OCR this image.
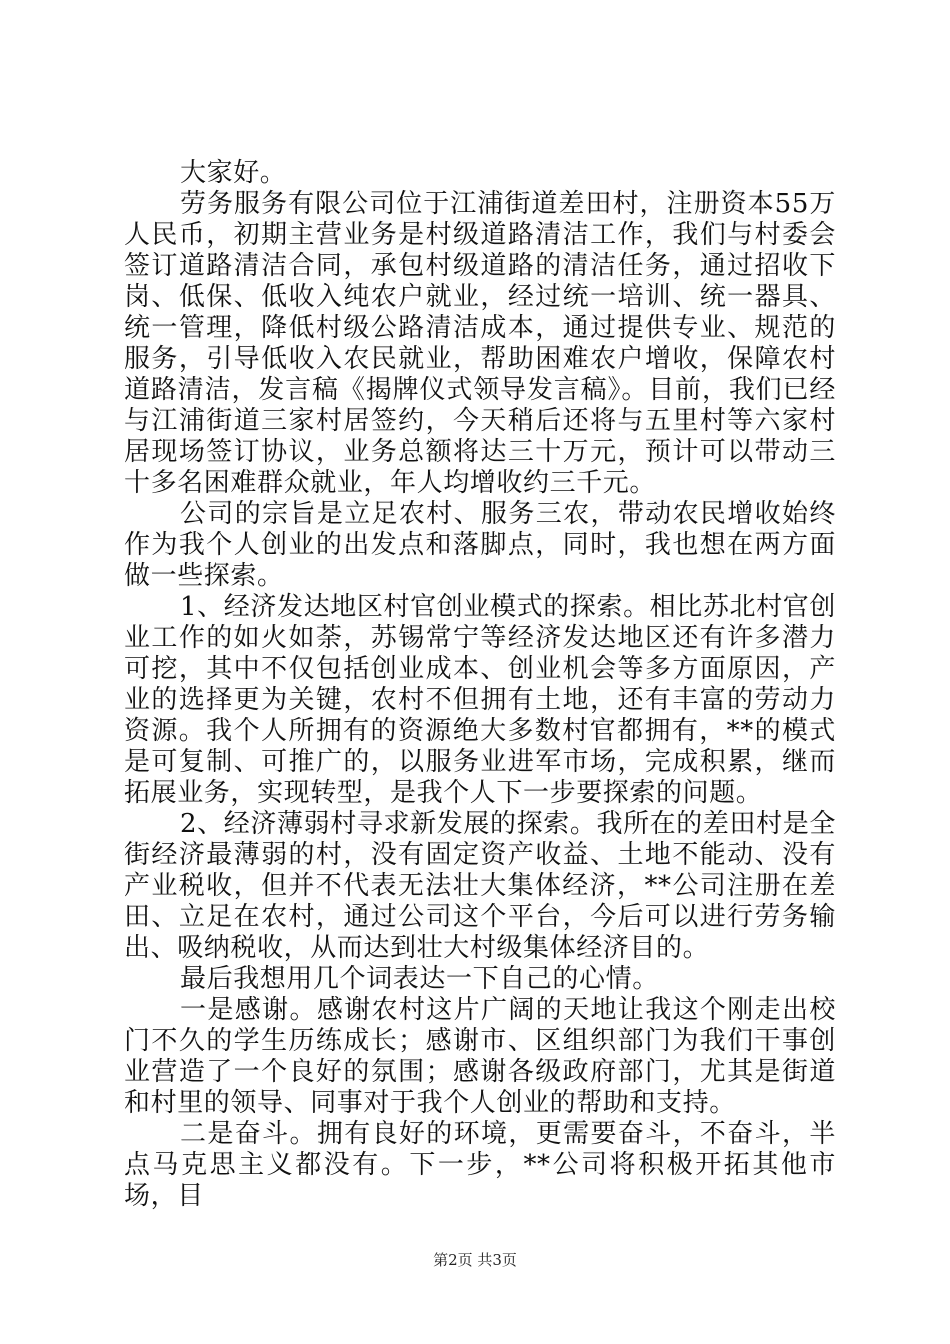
大家好。

劳务服务有限公司位于江浦街道差田村，注册资本55万人民币，初期主营业务是村级道路清洁工作，我们与村委会签订道路清洁合同，承包村级道路的清洁任务，通过招收下岗、低保、低收入纯农户就业，经过统一培训、统一器具、统一管理，降低村级公路清洁成本，通过提供专业、规范的服务，引导低收入农民就业，帮助困难农户增收，保障农村道路清洁，发言稿《揭牌仪式领导发言稿》。目前，我们已经与江浦街道三家村居签约，今天稍后还将与五里村等六家村居现场签订协议，业务总额将达三十万元，预计可以带动三十多名困难群众就业，年人均增收约三千元。

公司的宗旨是立足农村、服务三农，带动农民增收始终作为我个人创业的出发点和落脚点，同时，我也想在两方面做一些探索。

1、经济发达地区村官创业模式的探索。相比苏北村官创业工作的如火如荼，苏锡常宁等经济发达地区还有许多潜力可挖，其中不仅包括创业成本、创业机会等多方面原因，产业的选择更为关键，农村不但拥有土地，还有丰富的劳动力资源。我个人所拥有的资源绝大多数村官都拥有，**的模式是可复制、可推广的，以服务业进军市场，完成积累，继而拓展业务，实现转型，是我个人下一步要探索的问题。

2、经济薄弱村寻求新发展的探索。我所在的差田村是全街经济最薄弱的村，没有固定资产收益、土地不能动、没有产业税收，但并不代表无法壮大集体经济，**公司注册在差田、立足在农村，通过公司这个平台，今后可以进行劳务输出、吸纳税收，从而达到壮大村级集体经济目的。

最后我想用几个词表达一下自己的心情。

一是感谢。感谢农村这片广阔的天地让我这个刚走出校门不久的学生历练成长；感谢市、区组织部门为我们干事创业营造了一个良好的氛围；感谢各级政府部门，尤其是街道和村里的领导、同事对于我个人创业的帮助和支持。

二是奋斗。拥有良好的环境，更需要奋斗，不奋斗，半点马克思主义都没有。下一步，**公司将积极开拓其他市场，目

第2页 共3页
